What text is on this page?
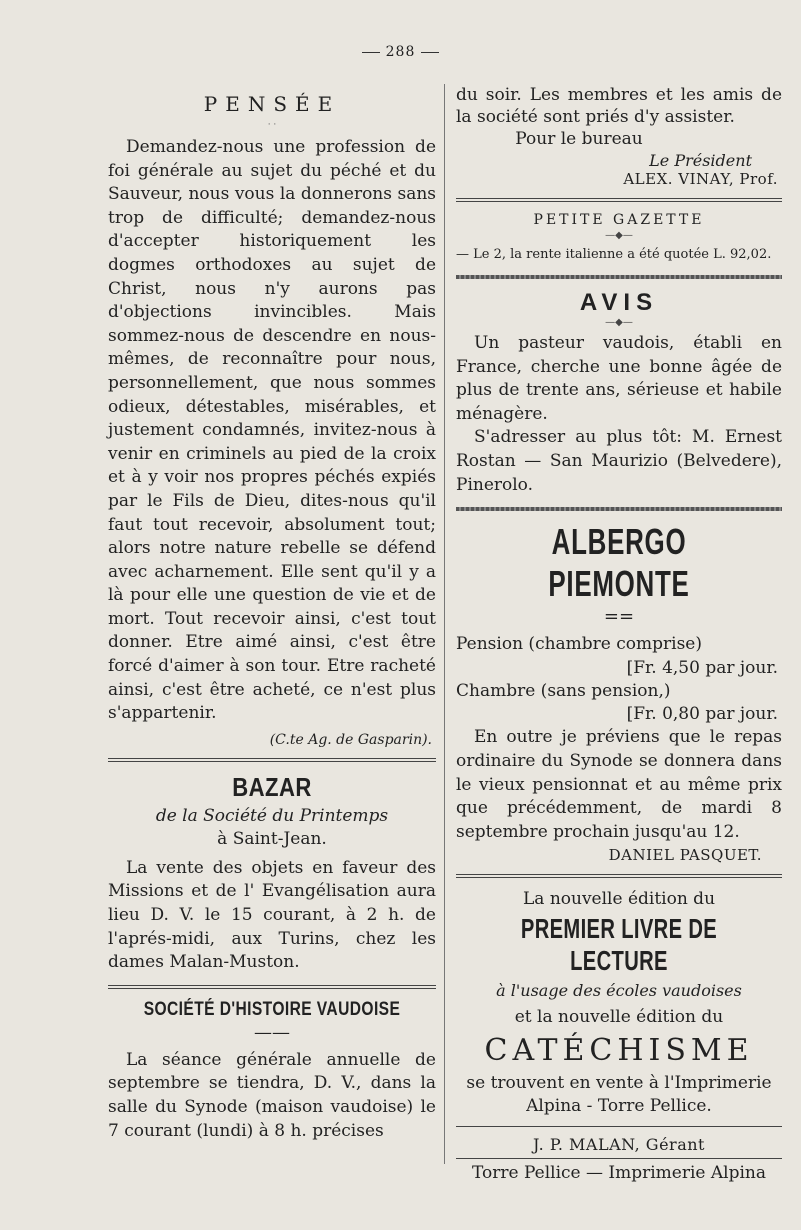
288
PENSÉE
· ·

Demandez-nous une profession de foi générale au sujet du péché et du Sauveur, nous vous la donnerons sans trop de difficulté; demandez-nous d'accepter historiquement les dogmes orthodoxes au sujet de Christ, nous n'y aurons pas d'objections invincibles. Mais sommez-nous de descendre en nous-mêmes, de reconnaître pour nous, personnellement, que nous sommes odieux, détestables, misérables, et justement condamnés, invitez-nous à venir en criminels au pied de la croix et à y voir nos propres péchés expiés par le Fils de Dieu, dites-nous qu'il faut tout recevoir, absolument tout; alors notre nature rebelle se défend avec acharnement. Elle sent qu'il y a là pour elle une question de vie et de mort. Tout recevoir ainsi, c'est tout donner. Etre aimé ainsi, c'est être forcé d'aimer à son tour. Etre racheté ainsi, c'est être acheté, ce n'est plus s'appartenir.

(C.te Ag. de Gasparin).
BAZAR
de la Société du Printemps
à Saint-Jean.

La vente des objets en faveur des Missions et de l' Evangélisation aura lieu D. V. le 15 courant, à 2 h. de l'aprés-midi, aux Turins, chez les dames Malan-Muston.

SOCIÉTÉ D'HISTOIRE VAUDOISE
——

La séance générale annuelle de septembre se tiendra, D. V., dans la salle du Synode (maison vaudoise) le 7 courant (lundi) à 8 h. précises

du soir. Les membres et les amis de la société sont priés d'y assister.

Pour le bureau
Le Président
ALEX. VINAY, Prof.
PETITE GAZETTE
—◆—

— Le 2, la rente italienne a été quotée L. 92,02.

AVIS
—◆—

Un pasteur vaudois, établi en France, cherche une bonne âgée de plus de trente ans, sérieuse et habile ménagère.

S'adresser au plus tôt: M. Ernest Rostan — San Maurizio (Belvedere), Pinerolo.

ALBERGO PIEMONTE
==

Pension (chambre comprise)

[Fr. 4,50 par jour.

Chambre (sans pension,)

[Fr. 0,80 par jour.

En outre je préviens que le repas ordinaire du Synode se donnera dans le vieux pensionnat et au même prix que précédemment, de mardi 8 septembre prochain jusqu'au 12.

DANIEL PASQUET.
La nouvelle édition du
PREMIER LIVRE DE LECTURE
à l'usage des écoles vaudoises
et la nouvelle édition du
CATÉCHISME
se trouvent en vente à l'Imprimerie
Alpina - Torre Pellice.
J. P. MALAN, Gérant
Torre Pellice — Imprimerie Alpina
